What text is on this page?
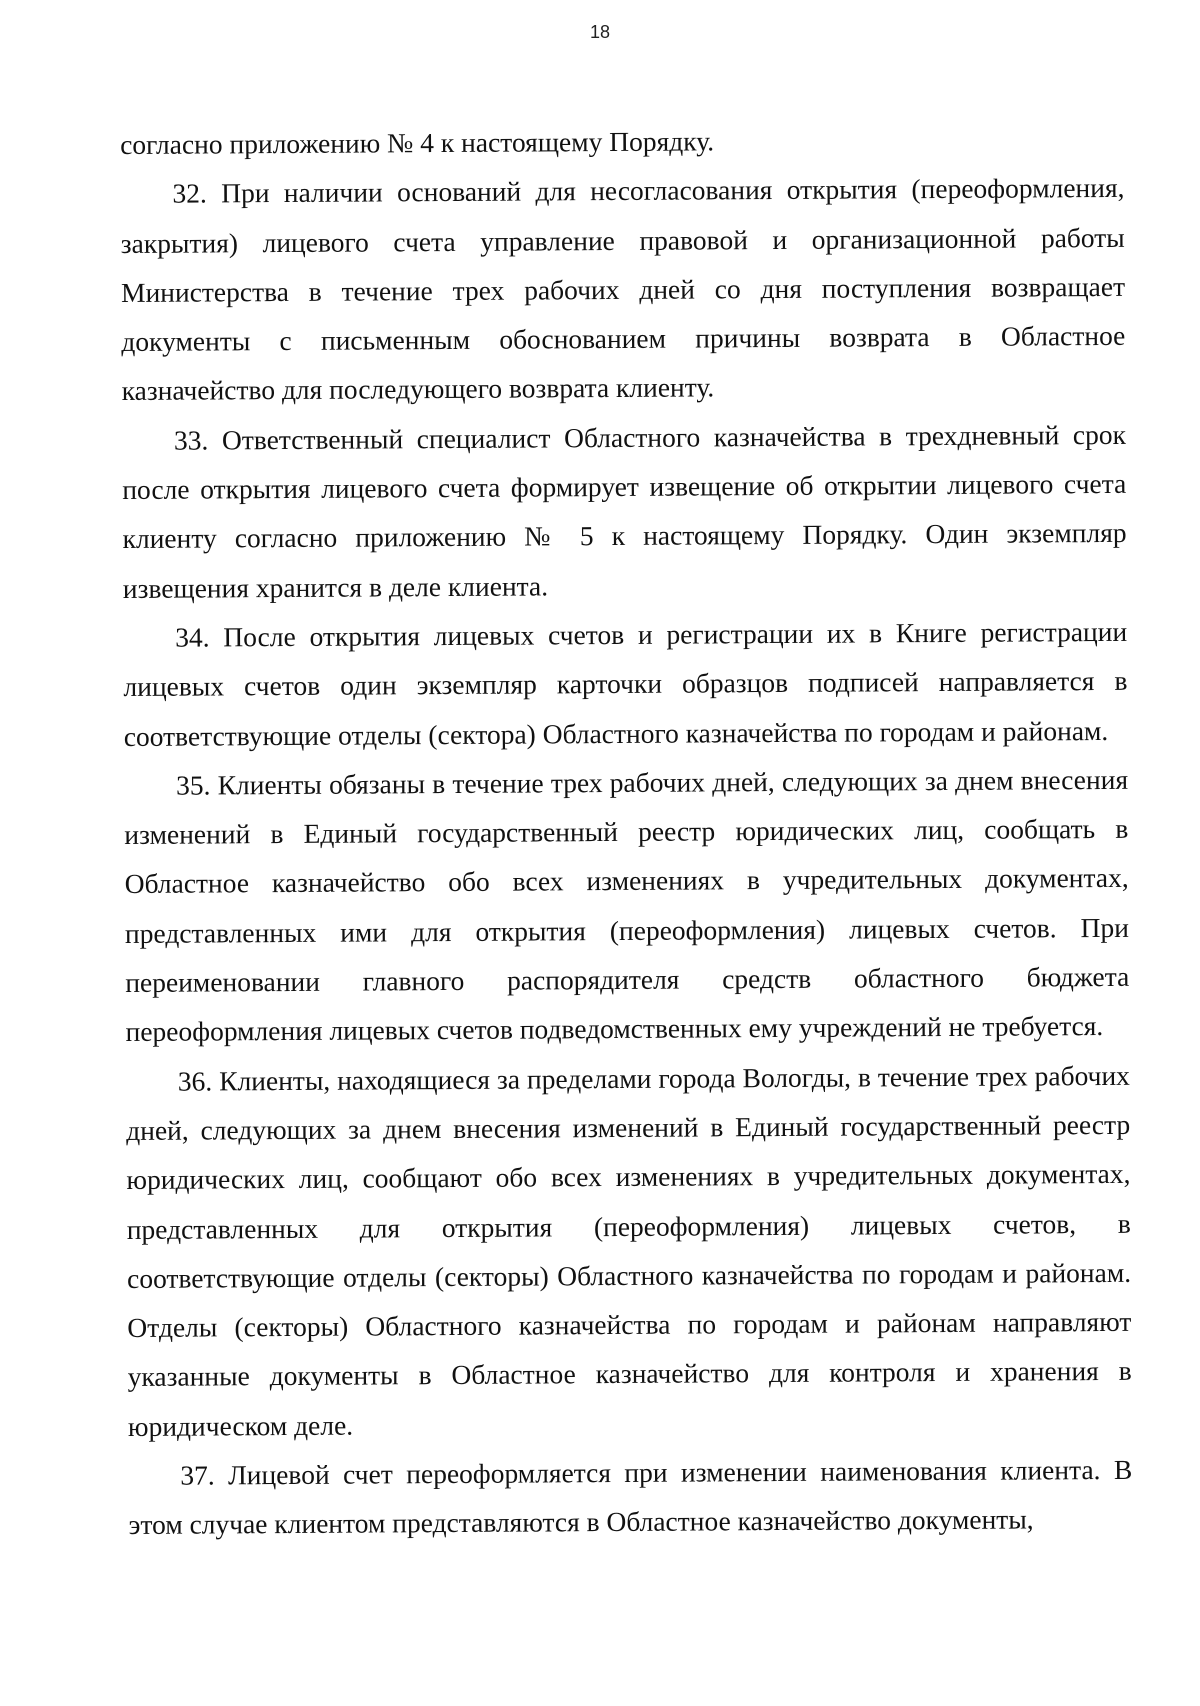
18

согласно приложению № 4 к настоящему Порядку.

32. При наличии оснований для несогласования открытия (переоформления, закрытия) лицевого счета управление правовой и организационной работы Министерства в течение трех рабочих дней со дня поступления возвращает документы с письменным обоснованием причины возврата в Областное казначейство для последующего возврата клиенту.

33. Ответственный специалист Областного казначейства в трехдневный срок после открытия лицевого счета формирует извещение об открытии лицевого счета клиенту согласно приложению № 5 к настоящему Порядку. Один экземпляр извещения хранится в деле клиента.

34. После открытия лицевых счетов и регистрации их в Книге регистрации лицевых счетов один экземпляр карточки образцов подписей направляется в соответствующие отделы (сектора) Областного казначейства по городам и районам.

35. Клиенты обязаны в течение трех рабочих дней, следующих за днем внесения изменений в Единый государственный реестр юридических лиц, сообщать в Областное казначейство обо всех изменениях в учредительных документах, представленных ими для открытия (переоформления) лицевых счетов. При переименовании главного распорядителя средств областного бюджета переоформления лицевых счетов подведомственных ему учреждений не требуется.

36. Клиенты, находящиеся за пределами города Вологды, в течение трех рабочих дней, следующих за днем внесения изменений в Единый государственный реестр юридических лиц, сообщают обо всех изменениях в учредительных документах, представленных для открытия (переоформления) лицевых счетов, в соответствующие отделы (секторы) Областного казначейства по городам и районам. Отделы (секторы) Областного казначейства по городам и районам направляют указанные документы в Областное казначейство для контроля и хранения в юридическом деле.

37. Лицевой счет переоформляется при изменении наименования клиента. В этом случае клиентом представляются в Областное казначейство документы,
